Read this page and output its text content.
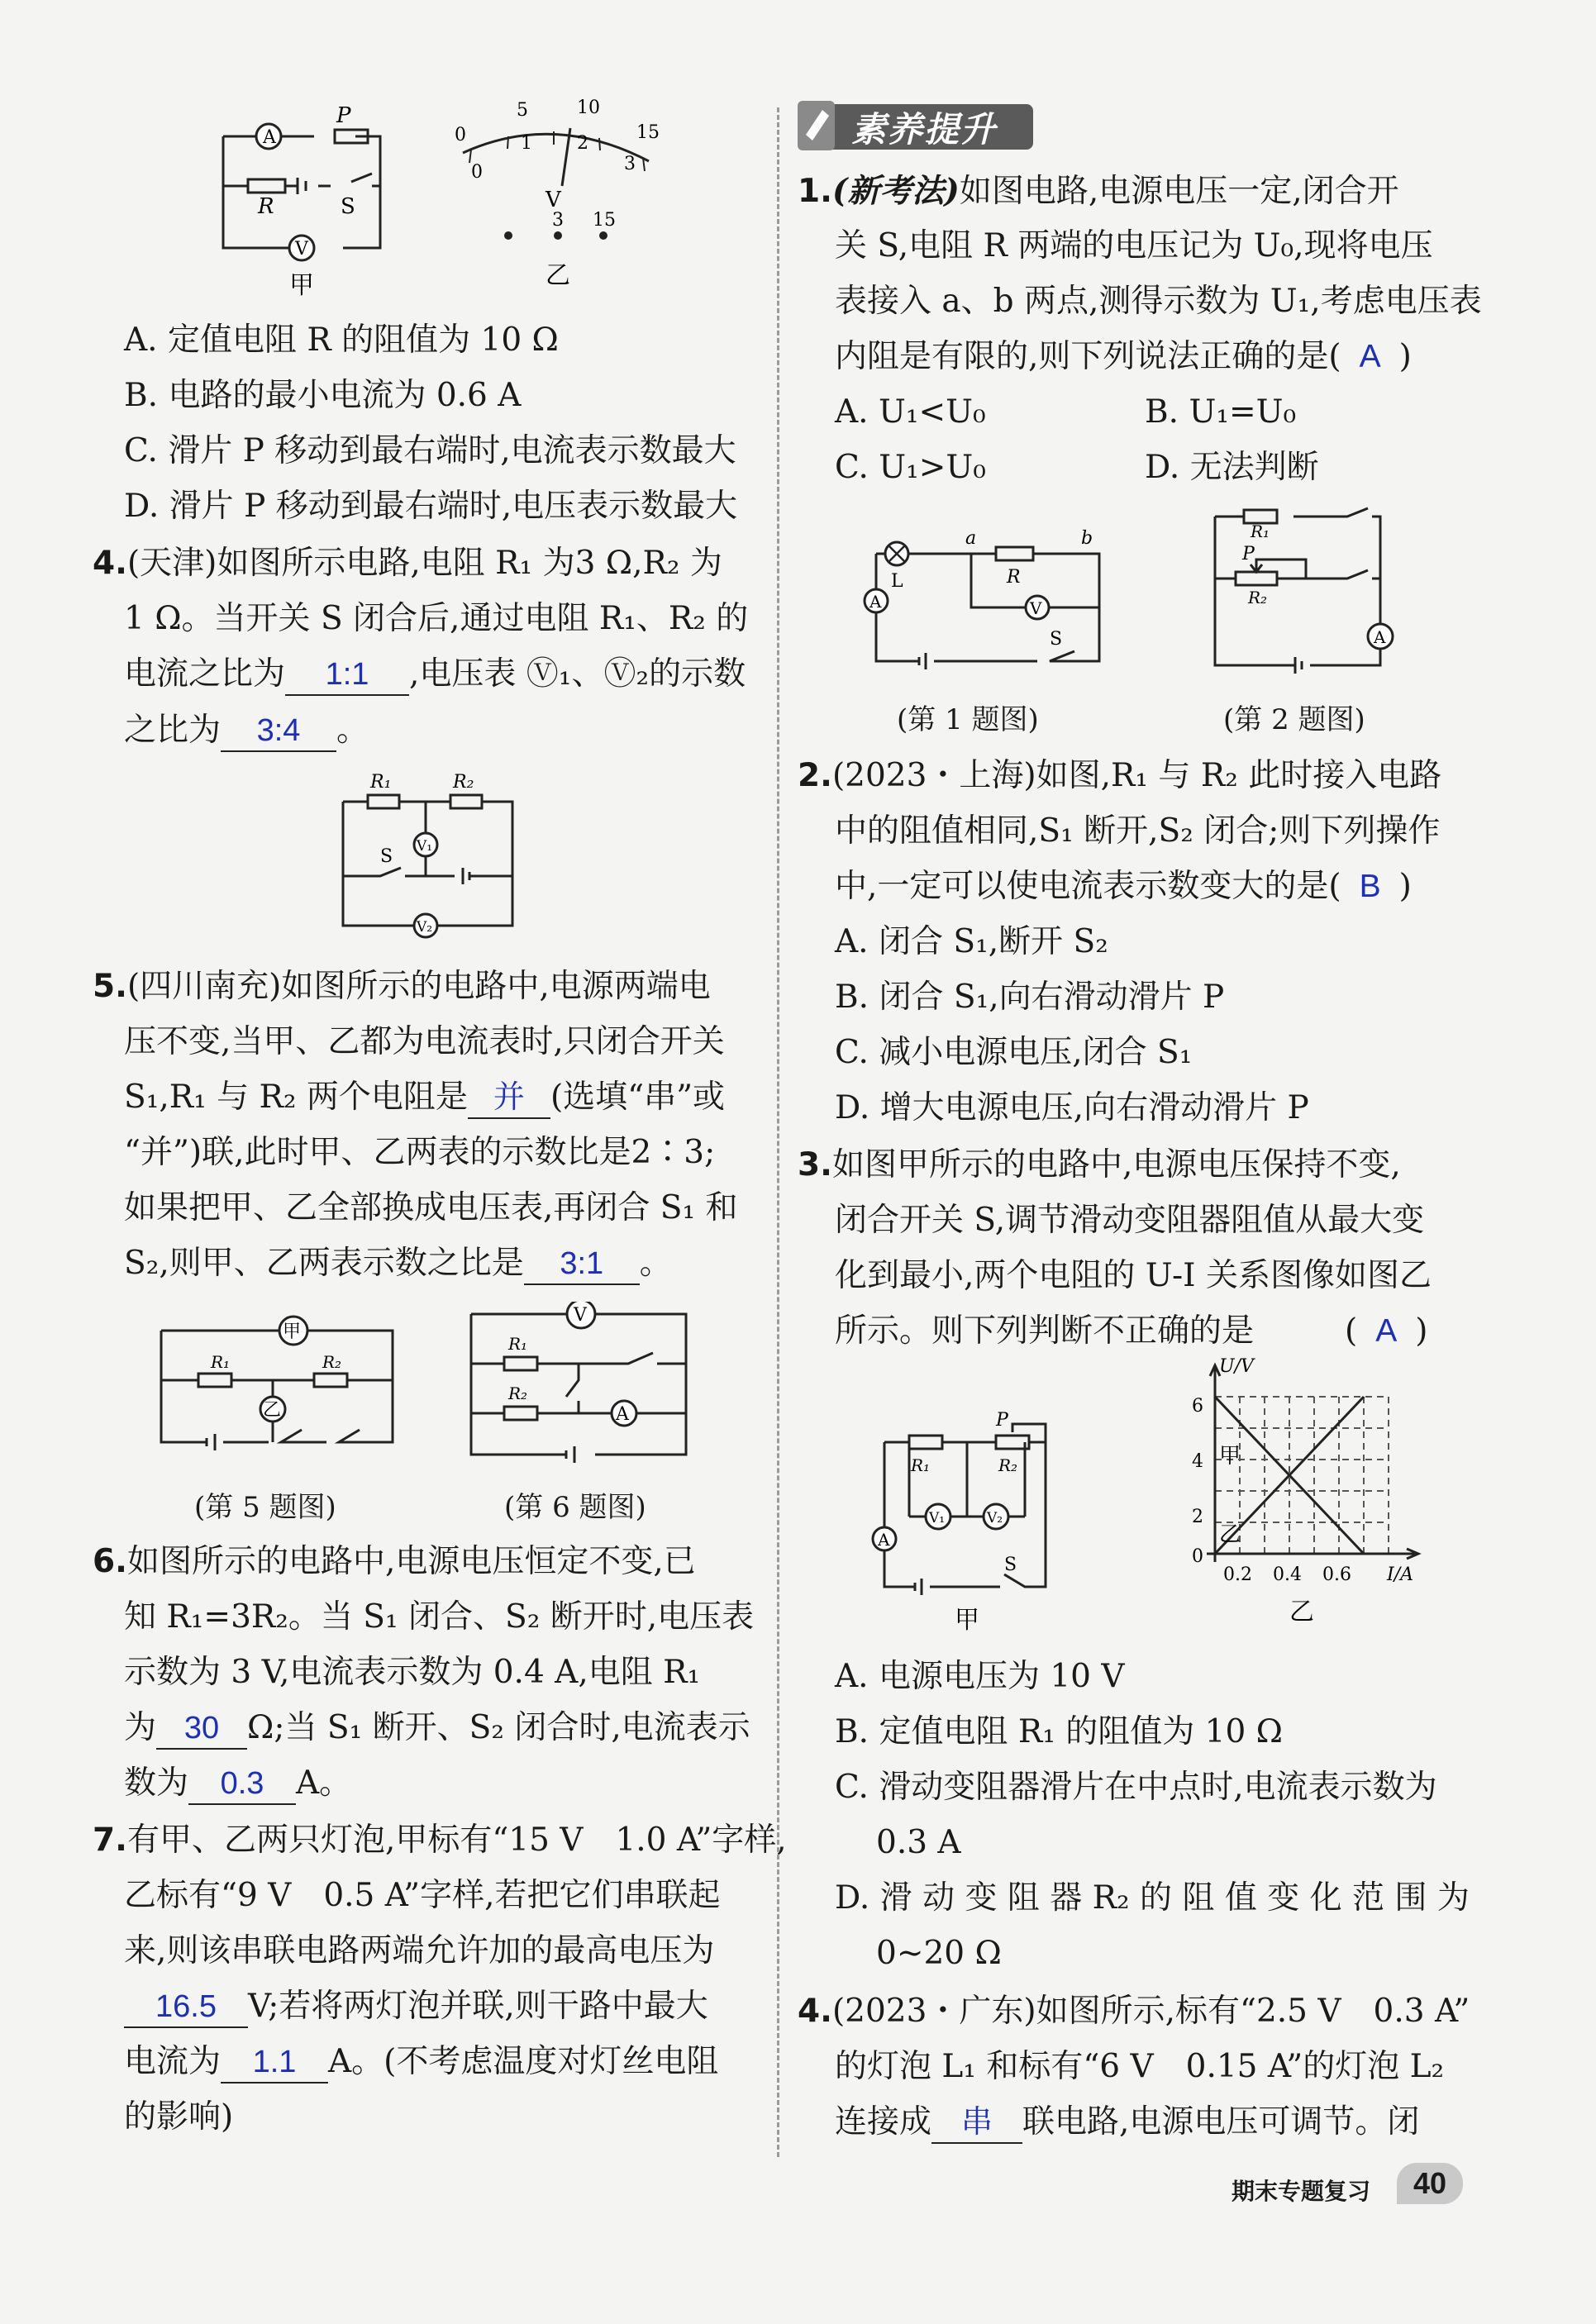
A
V
P
R	S
甲
0
5	10
15
0
1 2
3
V
3 15
乙
A. 定值电阻 R 的阻值为 10 Ω
B. 电路的最小电流为 0.6 A
C. 滑片 P 移动到最右端时,电流表示数最大
D. 滑片 P 移动到最右端时,电压表示数最大
4.(天津)如图所示电路,电阻 R₁ 为3 Ω,R₂ 为
1 Ω。当开关 S 闭合后,通过电阻 R₁、R₂ 的
电流之比为 1:1 ,电压表 Ⓥ₁、Ⓥ₂的示数
之比为 3:4 。
V₁
V₂
R₁	R₂
S
5.(四川南充)如图所示的电路中,电源两端电
压不变,当甲、乙都为电流表时,只闭合开关
S₁,R₁ 与 R₂ 两个电阻是 并 (选填“串”或
“并”)联,此时甲、乙两表的示数比是2∶3;
如果把甲、乙全部换成电压表,再闭合 S₁ 和
S₂,则甲、乙两表示数之比是 3:1 。
甲
乙
R₁	R₂
(第 5 题图)
V
A
R₁
R₂
(第 6 题图)
6.如图所示的电路中,电源电压恒定不变,已
知 R₁=3R₂。当 S₁ 闭合、S₂ 断开时,电压表
示数为 3 V,电流表示数为 0.4 A,电阻 R₁
为 30 Ω;当 S₁ 断开、S₂ 闭合时,电流表示
数为 0.3 A。
7.有甲、乙两只灯泡,甲标有“15 V　1.0 A”字样,
乙标有“9 V　0.5 A”字样,若把它们串联起
来,则该串联电路两端允许加的最高电压为
16.5 V;若将两灯泡并联,则干路中最大
电流为 1.1 A。(不考虑温度对灯丝电阻
的影响)
素养提升
1.(新考法)如图电路,电源电压一定,闭合开
关 S,电阻 R 两端的电压记为 U₀,现将电压
表接入 a、b 两点,测得示数为 U₁,考虑电压表
内阻是有限的,则下列说法正确的是( A )
A. U₁<U₀	B. U₁=U₀
C. U₁>U₀	D. 无法判断
A	V
L
a	b
R
S
(第 1 题图)
A
R₁
R₂
P
(第 2 题图)
2.(2023・上海)如图,R₁ 与 R₂ 此时接入电路
中的阻值相同,S₁ 断开,S₂ 闭合;则下列操作
中,一定可以使电流表示数变大的是( B )
A. 闭合 S₁,断开 S₂
B. 闭合 S₁,向右滑动滑片 P
C. 减小电源电压,闭合 S₁
D. 增大电源电压,向右滑动滑片 P
3.如图甲所示的电路中,电源电压保持不变,
闭合开关 S,调节滑动变阻器阻值从最大变
化到最小,两个电阻的 U-I 关系图像如图乙
所示。则下列判断不正确的是	( A )
A
V₁	V₂
R₁	R₂
P
S
甲
U/V
I/A
6
4
2
0
0.2 0.4 0.6
甲
乙
乙
A. 电源电压为 10 V
B. 定值电阻 R₁ 的阻值为 10 Ω
C. 滑动变阻器滑片在中点时,电流表示数为
0.3 A
D. 滑 动 变 阻 器 R₂ 的 阻 值 变 化 范 围 为
0~20 Ω
4.(2023・广东)如图所示,标有“2.5 V　0.3 A”
的灯泡 L₁ 和标有“6 V　0.15 A”的灯泡 L₂
连接成 串 联电路,电源电压可调节。闭
期末专题复习	40
